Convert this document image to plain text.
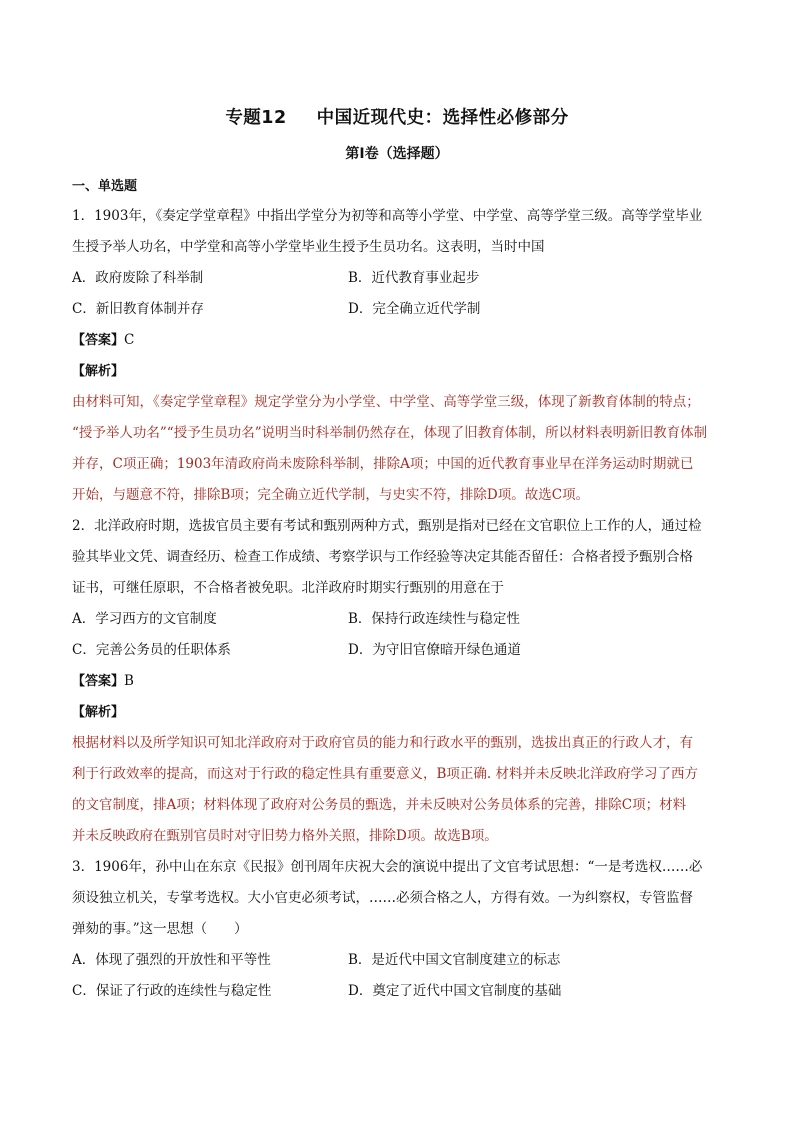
专题12 中国近现代史：选择性必修部分
第I卷（选择题）
一、单选题
1．1903年，《奏定学堂章程》中指出学堂分为初等和高等小学堂、中学堂、高等学堂三级。高等学堂毕业
生授予举人功名，中学堂和高等小学堂毕业生授予生员功名。这表明，当时中国
A．政府废除了科举制	B．近代教育事业起步
C．新旧教育体制并存	D．完全确立近代学制
【答案】C
【解析】
由材料可知，《奏定学堂章程》规定学堂分为小学堂、中学堂、高等学堂三级，体现了新教育体制的特点；
“授予举人功名”“授予生员功名”说明当时科举制仍然存在，体现了旧教育体制，所以材料表明新旧教育体制
并存，C项正确；1903年清政府尚未废除科举制，排除A项；中国的近代教育事业早在洋务运动时期就已
开始，与题意不符，排除B项；完全确立近代学制，与史实不符，排除D项。故选C项。
2．北洋政府时期，选拔官员主要有考试和甄别两种方式，甄别是指对已经在文官职位上工作的人，通过检
验其毕业文凭、调查经历、检查工作成绩、考察学识与工作经验等决定其能否留任：合格者授予甄别合格
证书，可继任原职，不合格者被免职。北洋政府时期实行甄别的用意在于
A．学习西方的文官制度	B．保持行政连续性与稳定性
C．完善公务员的任职体系	D．为守旧官僚暗开绿色通道
【答案】B
【解析】
根据材料以及所学知识可知北洋政府对于政府官员的能力和行政水平的甄别，选拔出真正的行政人才，有
利于行政效率的提高，而这对于行政的稳定性具有重要意义，B项正确. 材料并未反映北洋政府学习了西方
的文官制度，排A项；材料体现了政府对公务员的甄选，并未反映对公务员体系的完善，排除C项；材料
并未反映政府在甄别官员时对守旧势力格外关照，排除D项。故选B项。
3．1906年，孙中山在东京《民报》创刊周年庆祝大会的演说中提出了文官考试思想：“一是考选权……必
须设独立机关，专掌考选权。大小官吏必须考试，……必须合格之人，方得有效。一为纠察权，专管监督
弹劾的事。”这一思想（　　）
A．体现了强烈的开放性和平等性	B．是近代中国文官制度建立的标志
C．保证了行政的连续性与稳定性	D．奠定了近代中国文官制度的基础
